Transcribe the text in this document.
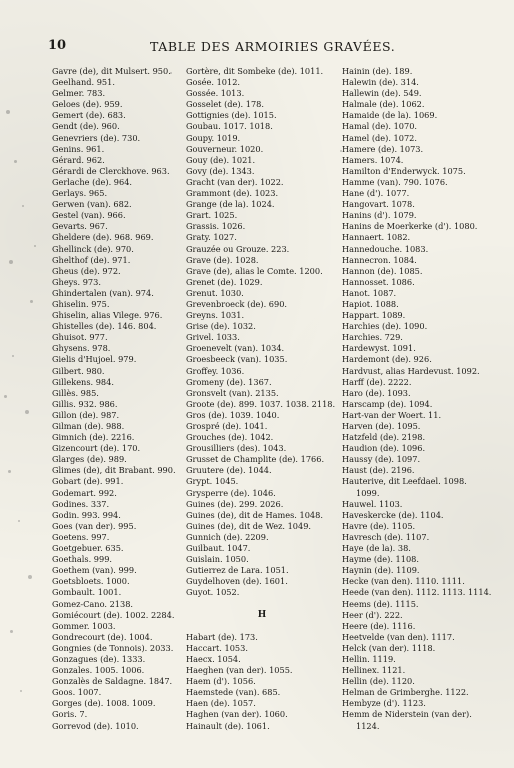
10	TABLE DES ARMOIRIES GRAVÉES.
Gavre (de), dit Mulsert. 950.
Geelhand. 951.
Gelmer. 783.
Geloes (de). 959.
Gemert (de). 683.
Gendt (de). 960.
Genevriers (de). 730.
Genins. 961.
Gérard. 962.
Gérardi de Clerckhove. 963.
Gerlache (de). 964.
Gerlays. 965.
Gerwen (van). 682.
Gestel (van). 966.
Gevarts. 967.
Gheldere (de). 968. 969.
Ghellinck (de). 970.
Ghelthof (de). 971.
Gheus (de). 972.
Gheys. 973.
Ghindertalen (van). 974.
Ghiselin. 975.
Ghiselin, alias Vilege. 976.
Ghistelles (de). 146. 804.
Ghuisot. 977.
Ghysens. 978.
Gielis d'Hujoel. 979.
Gilbert. 980.
Gillekens. 984.
Gillès. 985.
Gillis. 932. 986.
Gillon (de). 987.
Gilman (de). 988.
Gimnich (de). 2216.
Gizencourt (de). 170.
Glarges (de). 989.
Glimes (de), dit Brabant. 990.
Gobart (de). 991.
Godemart. 992.
Godines. 337.
Godin. 993. 994.
Goes (van der). 995.
Goetens. 997.
Goetgebuer. 635.
Goethals. 999.
Goethem (van). 999.
Goetsbloets. 1000.
Gombault. 1001.
Gomez-Cano. 2138.
Gomiécourt (de). 1002. 2284.
Gommer. 1003.
Gondrecourt (de). 1004.
Gongnies (de Tonnois). 2033.
Gonzagues (de). 1333.
Gonzales. 1005. 1006.
Gonzalès de Saldagne. 1847.
Goos. 1007.
Gorges (de). 1008. 1009.
Goris. 7.
Gorrevod (de). 1010.
Gortère, dit Sombeke (de). 1011.
Gosée. 1012.
Gossée. 1013.
Gosselet (de). 178.
Gottignies (de). 1015.
Goubau. 1017. 1018.
Goupy. 1019.
Gouverneur. 1020.
Gouy (de). 1021.
Govy (de). 1343.
Gracht (van der). 1022.
Grammont (de). 1023.
Grange (de la). 1024.
Grart. 1025.
Grassis. 1026.
Graty. 1027.
Grauzée ou Grouze. 223.
Grave (de). 1028.
Grave (de), alias le Comte. 1200.
Grenet (de). 1029.
Grenut. 1030.
Grevenbroeck (de). 690.
Greyns. 1031.
Grise (de). 1032.
Grivel. 1033.
Groenevelt (van). 1034.
Groesbeeck (van). 1035.
Groffey. 1036.
Gromeny (de). 1367.
Gronsvelt (van). 2135.
Groote (de). 899. 1037. 1038. 2118.
Gros (de). 1039. 1040.
Grospré (de). 1041.
Grouches (de). 1042.
Grousilliers (des). 1043.
Grusset de Champlite (de). 1766.
Gruutere (de). 1044.
Grypt. 1045.
Grysperre (de). 1046.
Guines (de). 299. 2026.
Guines (de), dit de Hames. 1048.
Guines (de), dit de Wez. 1049.
Gunnich (de). 2209.
Guilbaut. 1047.
Guislain. 1050.
Gutierrez de Lara. 1051.
Guydelhoven (de). 1601.
Guyot. 1052.
H
Habart (de). 173.
Haccart. 1053.
Haecx. 1054.
Haeghen (van der). 1055.
Haem (d'). 1056.
Haemstede (van). 685.
Haen (de). 1057.
Haghen (van der). 1060.
Hainault (de). 1061.
Hainin (de). 189.
Halewin (de). 314.
Hallewin (de). 549.
Halmale (de). 1062.
Hamaide (de la). 1069.
Hamal (de). 1070.
Hamel (de). 1072.
Hamere (de). 1073.
Hamers. 1074.
Hamilton d'Enderwyck. 1075.
Hamme (van). 790. 1076.
Hane (d'). 1077.
Hangovart. 1078.
Hanins (d'). 1079.
Hanins de Moerkerke (d'). 1080.
Hannaert. 1082.
Hannedouche. 1083.
Hannecron. 1084.
Hannon (de). 1085.
Hannosset. 1086.
Hanot. 1087.
Hapiot. 1088.
Happart. 1089.
Harchies (de). 1090.
Harchies. 729.
Hardewyst. 1091.
Hardemont (de). 926.
Hardvust, alias Hardevust. 1092.
Harff (de). 2222.
Haro (de). 1093.
Harscamp (de). 1094.
Hart-van der Woert. 11.
Harven (de). 1095.
Hatzfeld (de). 2198.
Haudion (de). 1096.
Haussy (de). 1097.
Haust (de). 2196.
Hauterive, dit Leefdael. 1098.
1099.
Hauwel. 1103.
Haveskercke (de). 1104.
Havre (de). 1105.
Havresch (de). 1107.
Haye (de la). 38.
Hayme (de). 1108.
Haynin (de). 1109.
Hecke (van den). 1110. 1111.
Heede (van den). 1112. 1113. 1114.
Heems (de). 1115.
Heer (d'). 222.
Heere (de). 1116.
Heetvelde (van den). 1117.
Helck (van der). 1118.
Hellin. 1119.
Hellinex. 1121.
Hellin (de). 1120.
Helman de Grimberghe. 1122.
Hembyze (d'). 1123.
Hemm de Niderstein (van der).
1124.
